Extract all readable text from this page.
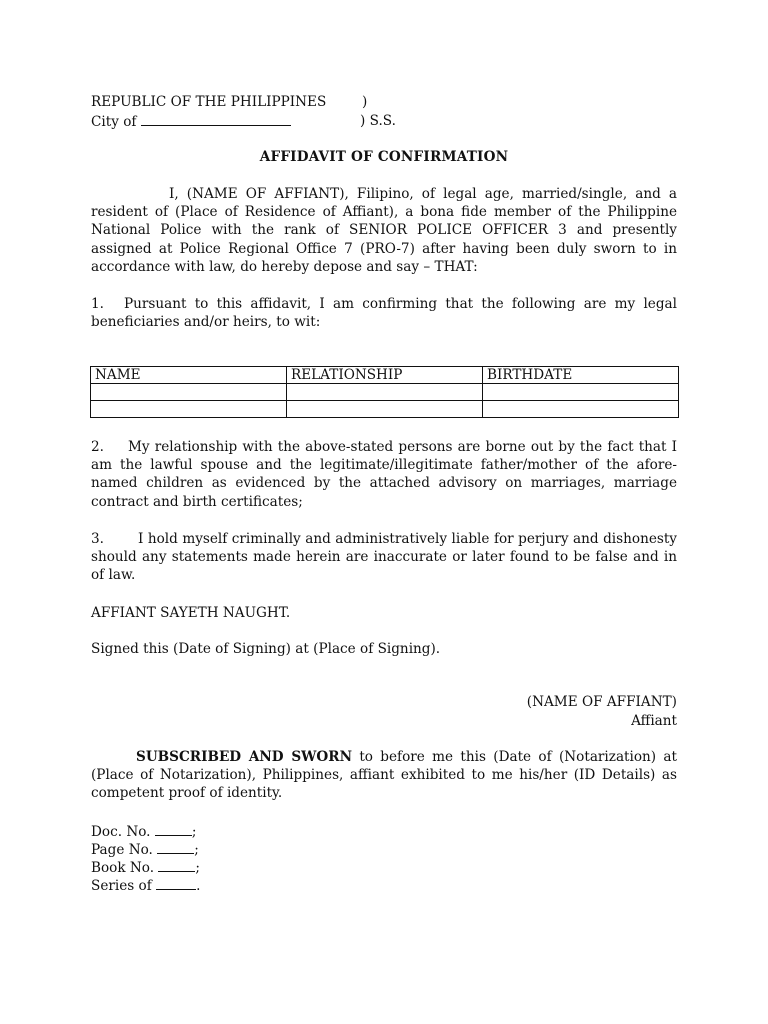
REPUBLIC OF THE PHILIPPINES	)
City of	) S.S.
AFFIDAVIT OF CONFIRMATION
I, (NAME OF AFFIANT), Filipino, of legal age, married/single, and a resident of (Place of Residence of Affiant), a bona fide member of the Philippine National Police with the rank of SENIOR POLICE OFFICER 3 and presently assigned at Police Regional Office 7 (PRO-7) after having been duly sworn to in accordance with law, do hereby depose and say – THAT:
1. Pursuant to this affidavit, I am confirming that the following are my legal beneficiaries and/or heirs, to wit:
NAME	RELATIONSHIP	BIRTHDATE

2. My relationship with the above-stated persons are borne out by the fact that I am the lawful spouse and the legitimate/illegitimate father/mother of the afore-named children as evidenced by the attached advisory on marriages, marriage contract and birth certificates;
3.	I hold myself criminally and administratively liable for perjury and dishonesty should any statements made herein are inaccurate or later found to be false and in of law.
AFFIANT SAYETH NAUGHT.
Signed this (Date of Signing) at (Place of Signing).
(NAME OF AFFIANT)
Affiant
SUBSCRIBED AND SWORN to before me this (Date of (Notarization) at (Place of Notarization), Philippines, affiant exhibited to me his/her (ID Details) as competent proof of identity.
Doc. No.	;
Page No.	;
Book No.	;
Series of	.
